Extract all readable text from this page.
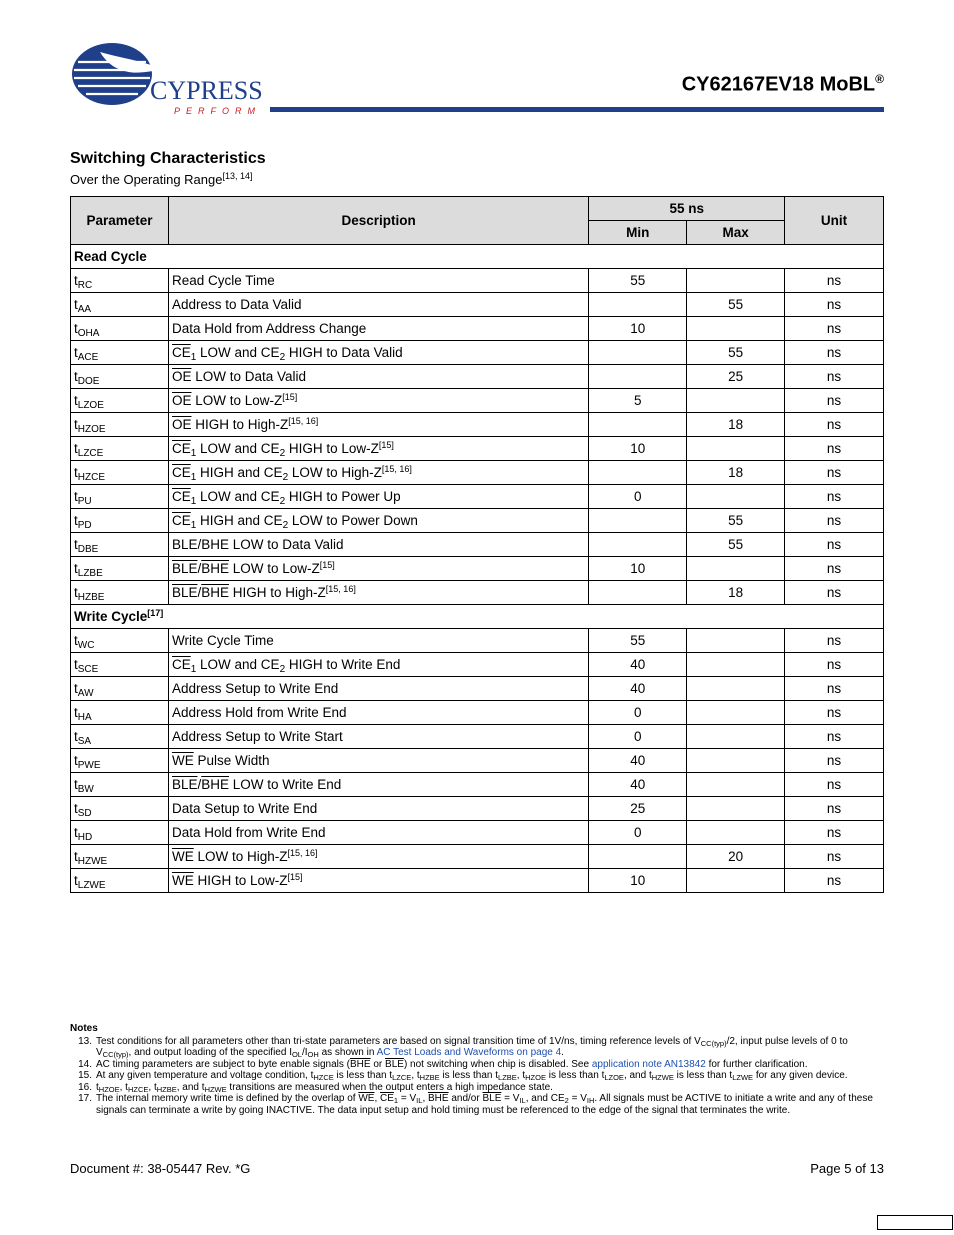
CYPRESS
PERFORM
CY62167EV18 MoBL®
Switching Characteristics
Over the Operating Range[13, 14]
Parameter	Description	55 ns		Unit
		Min	Max	
Read Cycle				
$t_{RC}$	Read Cycle Time	55		ns
$t_{AA}$	Address to Data Valid		55	ns
$t_{OHA}$	Data Hold from Address Change	10		ns
$t_{ACE}$	$\overline{CE}_1$ LOW and $CE_2$ HIGH to Data Valid		55	ns
$t_{DOE}$	$\overline{OE}$ LOW to Data Valid		25	ns
$t_{LZOE}$	$\overline{OE}$ LOW to Low-Z[15]	5		ns
$t_{HZOE}$	$\overline{OE}$ HIGH to High-Z[15, 16]		18	ns
$t_{LZCE}$	$\overline{CE}_1$ LOW and $CE_2$ HIGH to Low-Z[15]	10		ns
$t_{HZCE}$	$\overline{CE}_1$ HIGH and $CE_2$ LOW to High-Z[15, 16]		18	ns
$t_{PU}$	$\overline{CE}_1$ LOW and $CE_2$ HIGH to Power Up	0		ns
$t_{PD}$	$\overline{CE}_1$ HIGH and $CE_2$ LOW to Power Down		55	ns
$t_{DBE}$	BLE/BHE LOW to Data Valid		55	ns
$t_{LZBE}$	$\overline{BLE}/\overline{BHE}$ LOW to Low-Z[15]	10		ns
$t_{HZBE}$	$\overline{BLE}/\overline{BHE}$ HIGH to High-Z[15, 16]		18	ns
Write Cycle[17]
$t_{WC}$	Write Cycle Time	55		ns
$t_{SCE}$	$\overline{CE}_1$ LOW and $CE_2$ HIGH to Write End	40		ns
$t_{AW}$	Address Setup to Write End	40		ns
$t_{HA}$	Address Hold from Write End	0		ns
$t_{SA}$	Address Setup to Write Start	0		ns
$t_{PWE}$	$\overline{WE}$ Pulse Width	40		ns
$t_{BW}$	$\overline{BLE}/\overline{BHE}$ LOW to Write End	40		ns
$t_{SD}$	Data Setup to Write End	25		ns
$t_{HD}$	Data Hold from Write End	0		ns
$t_{HZWE}$	$\overline{WE}$ LOW to High-Z[15, 16]		20	ns
$t_{LZWE}$	$\overline{WE}$ HIGH to Low-Z[15]	10		ns
Notes
13. Test conditions for all parameters other than tri-state parameters are based on signal transition time of 1V/ns, timing reference levels of $V_{CC(typ)}/2$, input pulse levels of 0 to $V_{CC(typ)}$, and output loading of the specified $I_{OL}/I_{OH}$ as shown in AC Test Loads and Waveforms on page 4.
14. AC timing parameters are subject to byte enable signals ($\overline{BHE}$ or $\overline{BLE}$) not switching when chip is disabled. See application note AN13842 for further clarification.
15. At any given temperature and voltage condition, $t_{HZCE}$ is less than $t_{LZCE}$, $t_{HZBE}$ is less than $t_{LZBE}$, $t_{HZOE}$ is less than $t_{LZOE}$, and $t_{HZWE}$ is less than $t_{LZWE}$ for any given device.
16. $t_{HZOE}$, $t_{HZCE}$, $t_{HZBE}$, and $t_{HZWE}$ transitions are measured when the output enters a high impedance state.
17. The internal memory write time is defined by the overlap of $\overline{WE}$, $\overline{CE}_1 = V_{IL}$, $\overline{BHE}$ and/or $\overline{BLE} = V_{IL}$, and $CE_2 = V_{IH}$. All signals must be ACTIVE to initiate a write and any of these signals can terminate a write by going INACTIVE. The data input setup and hold timing must be referenced to the edge of the signal that terminates the write.
Document #: 38-05447 Rev. *G	Page 5 of 13
